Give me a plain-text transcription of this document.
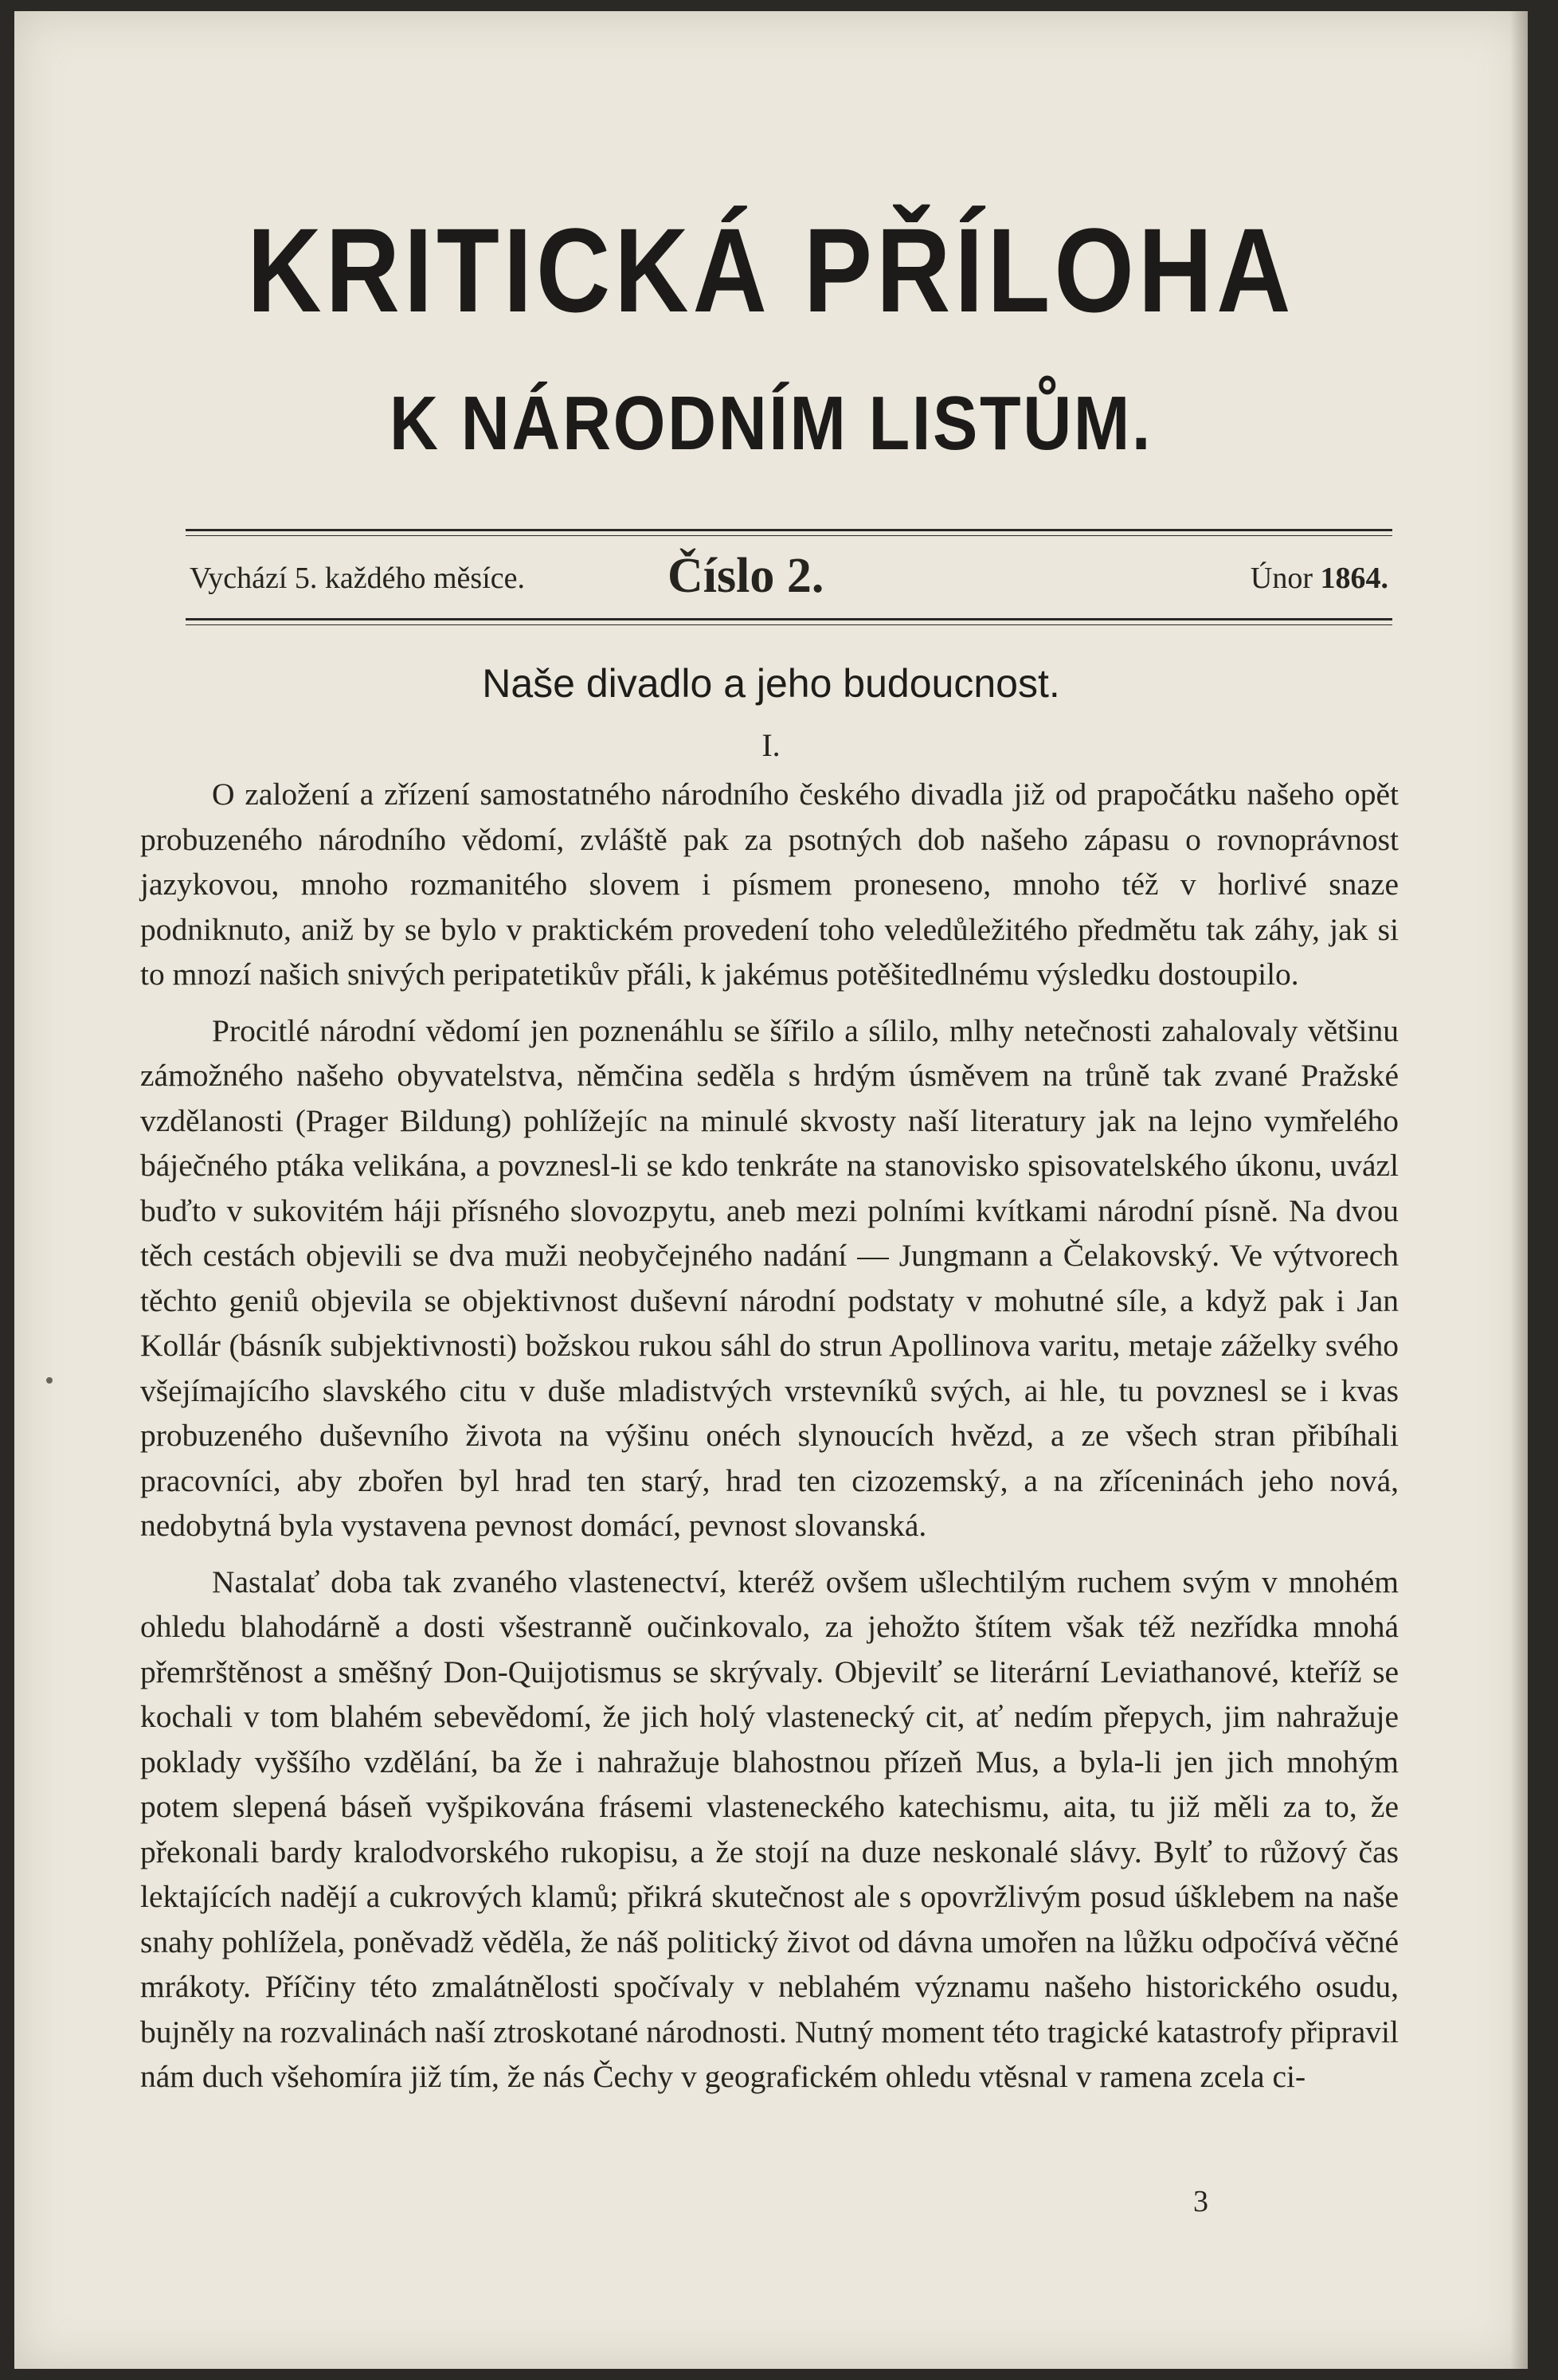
KRITICKÁ PŘÍLOHA
K NÁRODNÍM LISTŮM.
Vychází 5. každého měsíce.	Číslo 2.	Únor 1864.
Naše divadlo a jeho budoucnost.
I.

O založení a zřízení samostatného národního českého divadla již od prapočátku našeho opět probuzeného národního vědomí, zvláště pak za psotných dob našeho zápasu o rovnoprávnost jazykovou, mnoho rozmanitého slovem i písmem proneseno, mnoho též v horlivé snaze podniknuto, aniž by se bylo v praktickém provedení toho veledůležitého předmětu tak záhy, jak si to mnozí našich snivých peripatetikův přáli, k jakémus potěšitedlnému výsledku dostoupilo.

Procitlé národní vědomí jen poznenáhlu se šířilo a sílilo, mlhy netečnosti zahalovaly většinu zámožného našeho obyvatelstva, němčina seděla s hrdým úsměvem na trůně tak zvané Pražské vzdělanosti (Prager Bildung) pohlížejíc na minulé skvosty naší literatury jak na lejno vymřelého báječného ptáka velikána, a povznesl-li se kdo tenkráte na stanovisko spisovatelského úkonu, uvázl buďto v sukovitém háji přísného slovozpytu, aneb mezi polními kvítkami národní písně. Na dvou těch cestách objevili se dva muži neobyčejného nadání — Jungmann a Čelakovský. Ve výtvorech těchto geniů objevila se objektivnost duševní národní podstaty v mohutné síle, a když pak i Jan Kollár (básník subjektivnosti) božskou rukou sáhl do strun Apollinova varitu, metaje záželky svého všejímajícího slavského citu v duše mladistvých vrstevníků svých, ai hle, tu povznesl se i kvas probuzeného duševního života na výšinu onéch slynoucích hvězd, a ze všech stran přibíhali pracovníci, aby zbořen byl hrad ten starý, hrad ten cizozemský, a na zříceninách jeho nová, nedobytná byla vystavena pevnost domácí, pevnost slovanská.

Nastalať doba tak zvaného vlastenectví, kteréž ovšem ušlechtilým ruchem svým v mnohém ohledu blahodárně a dosti všestranně oučinkovalo, za jehožto štítem však též nezřídka mnohá přemrštěnost a směšný Don-Quijotismus se skrývaly. Objevilť se literární Leviathanové, kteříž se kochali v tom blahém sebevědomí, že jich holý vlastenecký cit, ať nedím přepych, jim nahražuje poklady vyššího vzdělání, ba že i nahražuje blahostnou přízeň Mus, a byla-li jen jich mnohým potem slepená báseň vyšpikována frásemi vlasteneckého katechismu, aita, tu již měli za to, že překonali bardy kralodvorského rukopisu, a že stojí na duze neskonalé slávy. Bylť to růžový čas lektajících nadějí a cukrových klamů; přikrá skutečnost ale s opovržlivým posud úšklebem na naše snahy pohlížela, poněvadž věděla, že náš politický život od dávna umořen na lůžku odpočívá věčné mrákoty. Příčiny této zmalátnělosti spočívaly v neblahém významu našeho historického osudu, bujněly na rozvalinách naší ztroskotané národnosti. Nutný moment této tragické katastrofy připravil nám duch všehomíra již tím, že nás Čechy v geografickém ohledu vtěsnal v ramena zcela ci-

3
